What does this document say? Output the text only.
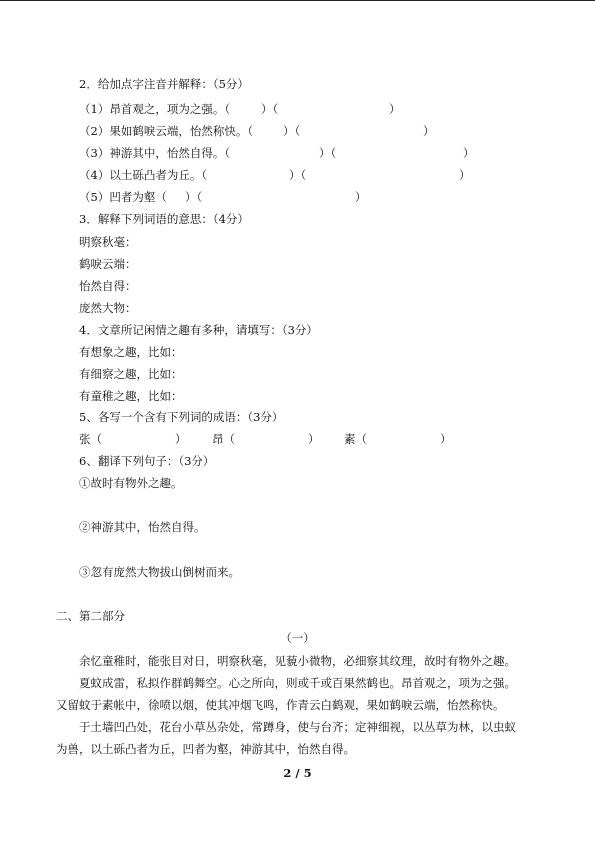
2．给加点字注音并解释：（5分）

（1）昂首观之，项为之强。（

	）（

	）

（2）果如鹤唳云端，怡然称快。（

	）（

	）

（3）神游其中，怡然自得。（

	）（

	）

（4）以土砾凸者为丘。（

	）（

	）

（5）凹者为壑（

）（

	）

3．解释下列词语的意思：（4分）
明察秋毫：
鹤唳云端：
怡然自得：
庞然大物：
4．文章所记闲情之趣有多种，请填写：（3分）
有想象之趣，比如：
有细察之趣，比如：
有童稚之趣，比如：
5、各写一个含有下列词的成语：（3分）

张（

	）

昂（

	）

素（

	）

6、翻译下列句子：（3分）
①故时有物外之趣。
②神游其中，怡然自得。
③忽有庞然大物拔山倒树而来。
二、第二部分
（一）
余忆童稚时，能张目对日，明察秋毫，见藐小微物，必细察其纹理，故时有物外之趣。
夏蚊成雷，私拟作群鹤舞空。心之所向，则或千或百果然鹤也。昂首观之，项为之强。
又留蚊于素帐中，徐喷以烟，使其冲烟飞鸣，作青云白鹤观，果如鹤唳云端，怡然称快。
于土墙凹凸处，花台小草丛杂处，常蹲身，使与台齐；定神细视，以丛草为林，以虫蚁
为兽，以土砾凸者为丘，凹者为壑，神游其中，怡然自得。
2 / 5
